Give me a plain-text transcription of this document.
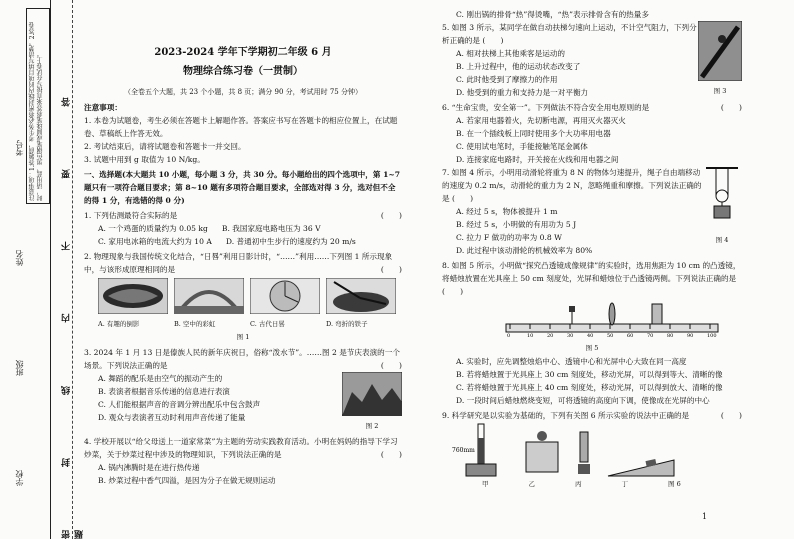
注意事项：1.答题前，考生务必将密封线内的项目填写清楚。2.答卷时，请用蓝、黑色钢笔或圆珠笔将答案直接写在试卷上。	密 封 线 内 不 要 答 题
学校
班级
姓名
考号
2023-2024 学年下学期初二年级 6 月
物理综合练习卷（一贯制）
（全卷五个大题，共 23 个小题，共 8 页；满分 90 分，考试用时 75 分钟）
注意事项：
1. 本卷为试题卷，考生必须在答题卡上解题作答。答案应书写在答题卡的相应位置上，在试题卷、草稿纸上作答无效。
2. 考试结束后，请将试题卷和答题卡一并交回。
3. 试题中用到 g 取值为 10 N/kg。
一、选择题(本大题共 10 小题，每小题 3 分，共 30 分。每小题给出的四个选项中，第 1~7 题只有一项符合题目要求；第 8~10 题有多项符合题目要求，全部选对得 3 分，选对但不全的得 1 分，有选错的得 0 分)
1. 下列估测最符合实际的是	(　　)
A. 一个鸡蛋的质量约为 0.05 kg B. 我国家庭电路电压为 36 V
C. 家用电冰箱的电流大约为 10 A D. 普通初中生步行的速度约为 20 m/s
2. 物理现象与我国传统文化结合，“日晷”利用日影计时，“……”利用……下列图 1 所示现象中，与该形成原理相同的是	(　　)
A. 有趣的倒影	B. 空中的彩虹	C. 古代日晷	D. 弯折的铁子
图 1
3. 2024 年 1 月 13 日是傣族人民的新年庆祝日，俗称“泼水节”。……图 2 是节庆表演的一个场景。下列说法正确的是	(　　)
A. 舞蹈的配乐是由空气的振动产生的
B. 表演者根据音乐传递的信息进行表演
C. 人们能根据声音的音调分辨出配乐中包含鼓声
D. 观众与表演者互动时利用声音传递了能量
图 2
4. 学校开展以“给父母送上一道家常菜”为主题的劳动实践教育活动。小明在妈妈的指导下学习炒菜，关于炒菜过程中涉及的物理知识，下列说法正确的是	(　　)
A. 锅内沸腾时是在进行热传递
B. 炒菜过程中香气四溢，是因为分子在做无规则运动
C. 刚出锅的排骨“热”得烫嘴，“热”表示排骨含有的热量多
5. 如图 3 所示，某同学在做自动扶梯匀速向上运动，不计空气阻力，下列分析正确的是 (　　)
A. 相对扶梯上其他乘客是运动的
B. 上升过程中，他的运动状态改变了
C. 此时他受到了摩擦力的作用
D. 他受到的重力和支持力是一对平衡力	图 3
6. “生命宝贵，安全第一”。下列做法不符合安全用电原则的是	(　　)
A. 若家用电器着火，先切断电源，再用灭火器灭火
B. 在一个插线板上同时使用多个大功率用电器
C. 使用试电笔时，手能接触笔尾金属体
D. 连接家庭电路时，开关接在火线和用电器之间
7. 如图 4 所示，小明用动滑轮将重为 8 N 的物体匀速提升，绳子自由端移动的速度为 0.2 m/s，动滑轮的重力为 2 N，忽略绳重和摩擦。下列说法正确的是 (　　)
A. 经过 5 s，物体被提升 1 m
B. 经过 5 s，小明做的有用功为 5 J
C. 拉力 F 做功的功率为 0.8 W
D. 此过程中该动滑轮的机械效率为 80%
图 4
8. 如图 5 所示，小明做“探究凸透镜成像规律”的实验时，选用焦距为 10 cm 的凸透镜，将蜡烛放置在光具座上 50 cm 刻度处，光屏和蜡烛位于凸透镜两侧。下列说法正确的是 (　　)
0	10	20	30	40	50	60	70	80	90	100
图 5
A. 实验时，应先调整烛焰中心、透镜中心和光屏中心大致在同一高度
B. 若将蜡烛置于光具座上 30 cm 刻度处，移动光屏，可以得到等大、清晰的像
C. 若将蜡烛置于光具座上 40 cm 刻度处，移动光屏，可以得到放大、清晰的像
D. 一段时间后蜡烛燃烧变短，可将透镜的高度向下调，使像成在光屏的中心
9. 科学研究是以实验为基础的，下列有关图 6 所示实验的说法中正确的是	(　　)
760mm
甲	乙	丙	丁	图 6
1
